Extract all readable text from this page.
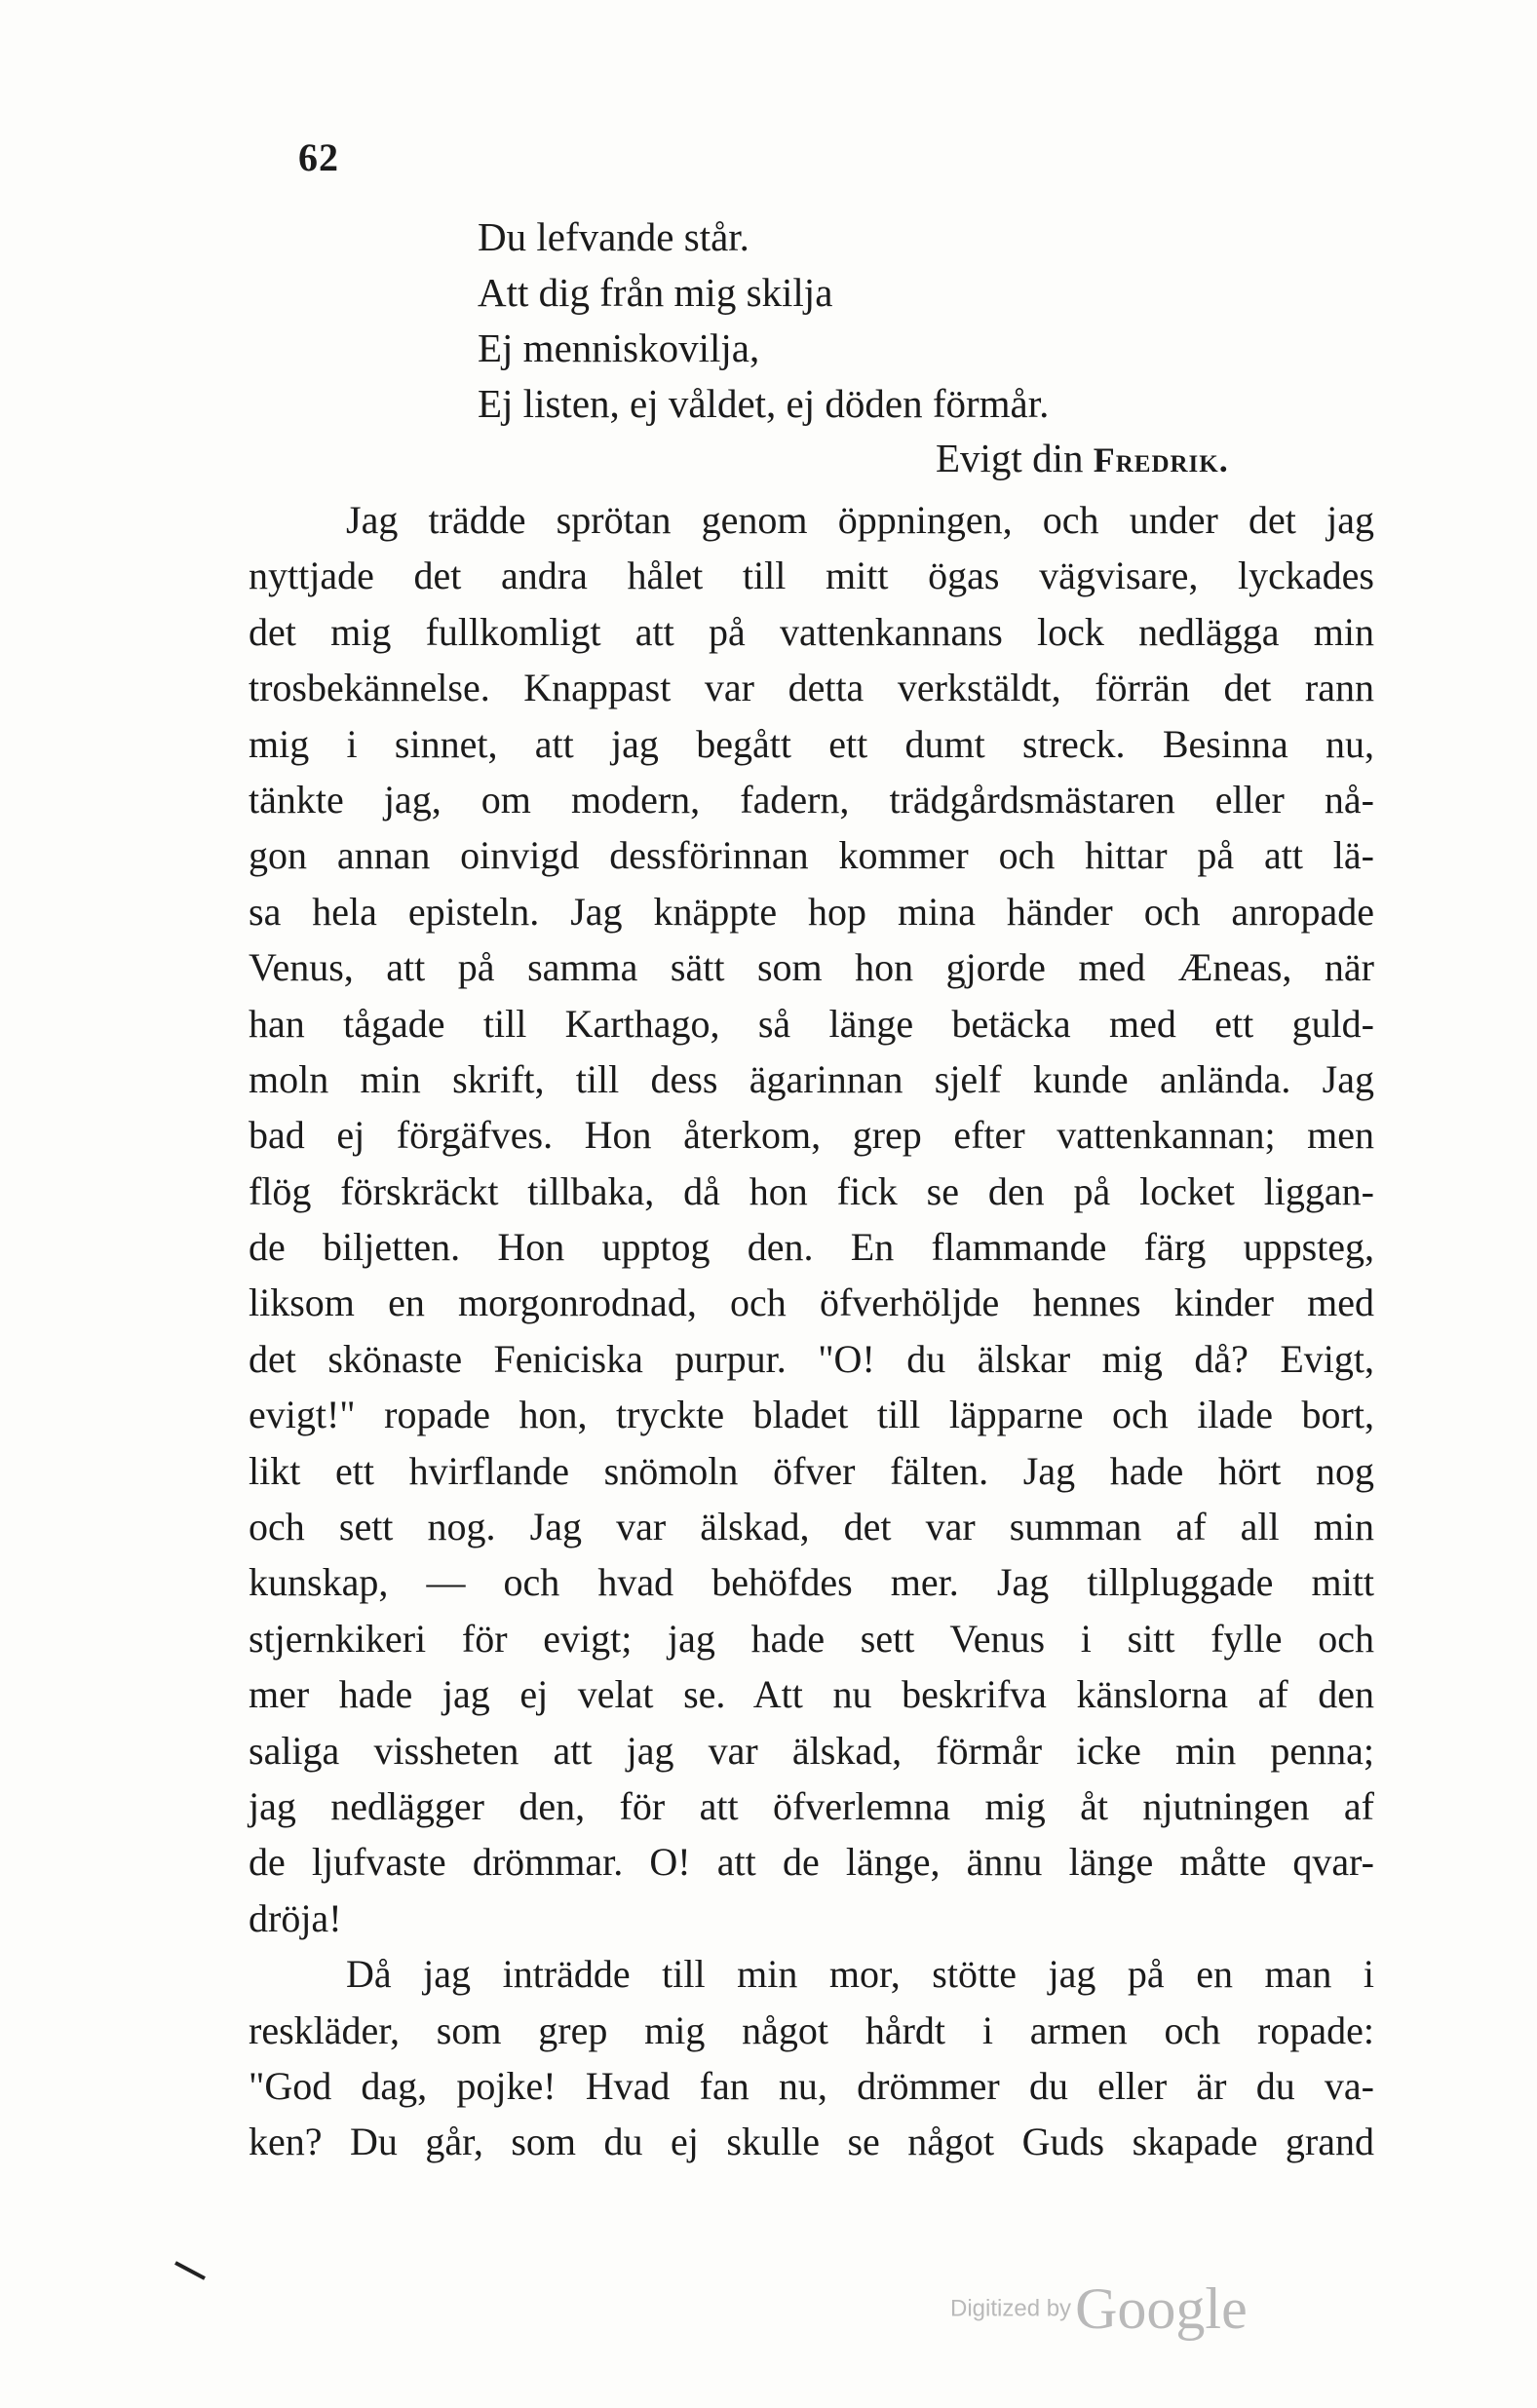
62
Du lefvande står.
Att dig från mig skilja
Ej menniskovilja,
Ej listen, ej våldet, ej döden förmår.
Evigt din Fredrik.
Jag trädde sprötan genom öppningen, och under det jag
nyttjade det andra hålet till mitt ögas vägvisare, lyckades
det mig fullkomligt att på vattenkannans lock nedlägga min
trosbekännelse. Knappast var detta verkstäldt, förrän det rann
mig i sinnet, att jag begått ett dumt streck. Besinna nu,
tänkte jag, om modern, fadern, trädgårdsmästaren eller nå-
gon annan oinvigd dessförinnan kommer och hittar på att lä-
sa hela episteln. Jag knäppte hop mina händer och anropade
Venus, att på samma sätt som hon gjorde med Æneas, när
han tågade till Karthago, så länge betäcka med ett guld-
moln min skrift, till dess ägarinnan sjelf kunde anlända. Jag
bad ej förgäfves. Hon återkom, grep efter vattenkannan; men
flög förskräckt tillbaka, då hon fick se den på locket liggan-
de biljetten. Hon upptog den. En flammande färg uppsteg,
liksom en morgonrodnad, och öfverhöljde hennes kinder med
det skönaste Feniciska purpur. "O! du älskar mig då? Evigt,
evigt!" ropade hon, tryckte bladet till läpparne och ilade bort,
likt ett hvirflande snömoln öfver fälten. Jag hade hört nog
och sett nog. Jag var älskad, det var summan af all min
kunskap, — och hvad behöfdes mer. Jag tillpluggade mitt
stjernkikeri för evigt; jag hade sett Venus i sitt fylle och
mer hade jag ej velat se. Att nu beskrifva känslorna af den
saliga vissheten att jag var älskad, förmår icke min penna;
jag nedlägger den, för att öfverlemna mig åt njutningen af
de ljufvaste drömmar. O! att de länge, ännu länge måtte qvar-
dröja!
Då jag inträdde till min mor, stötte jag på en man i
reskläder, som grep mig något hårdt i armen och ropade:
"God dag, pojke! Hvad fan nu, drömmer du eller är du va-
ken? Du går, som du ej skulle se något Guds skapade grand
Digitized byGoogle
